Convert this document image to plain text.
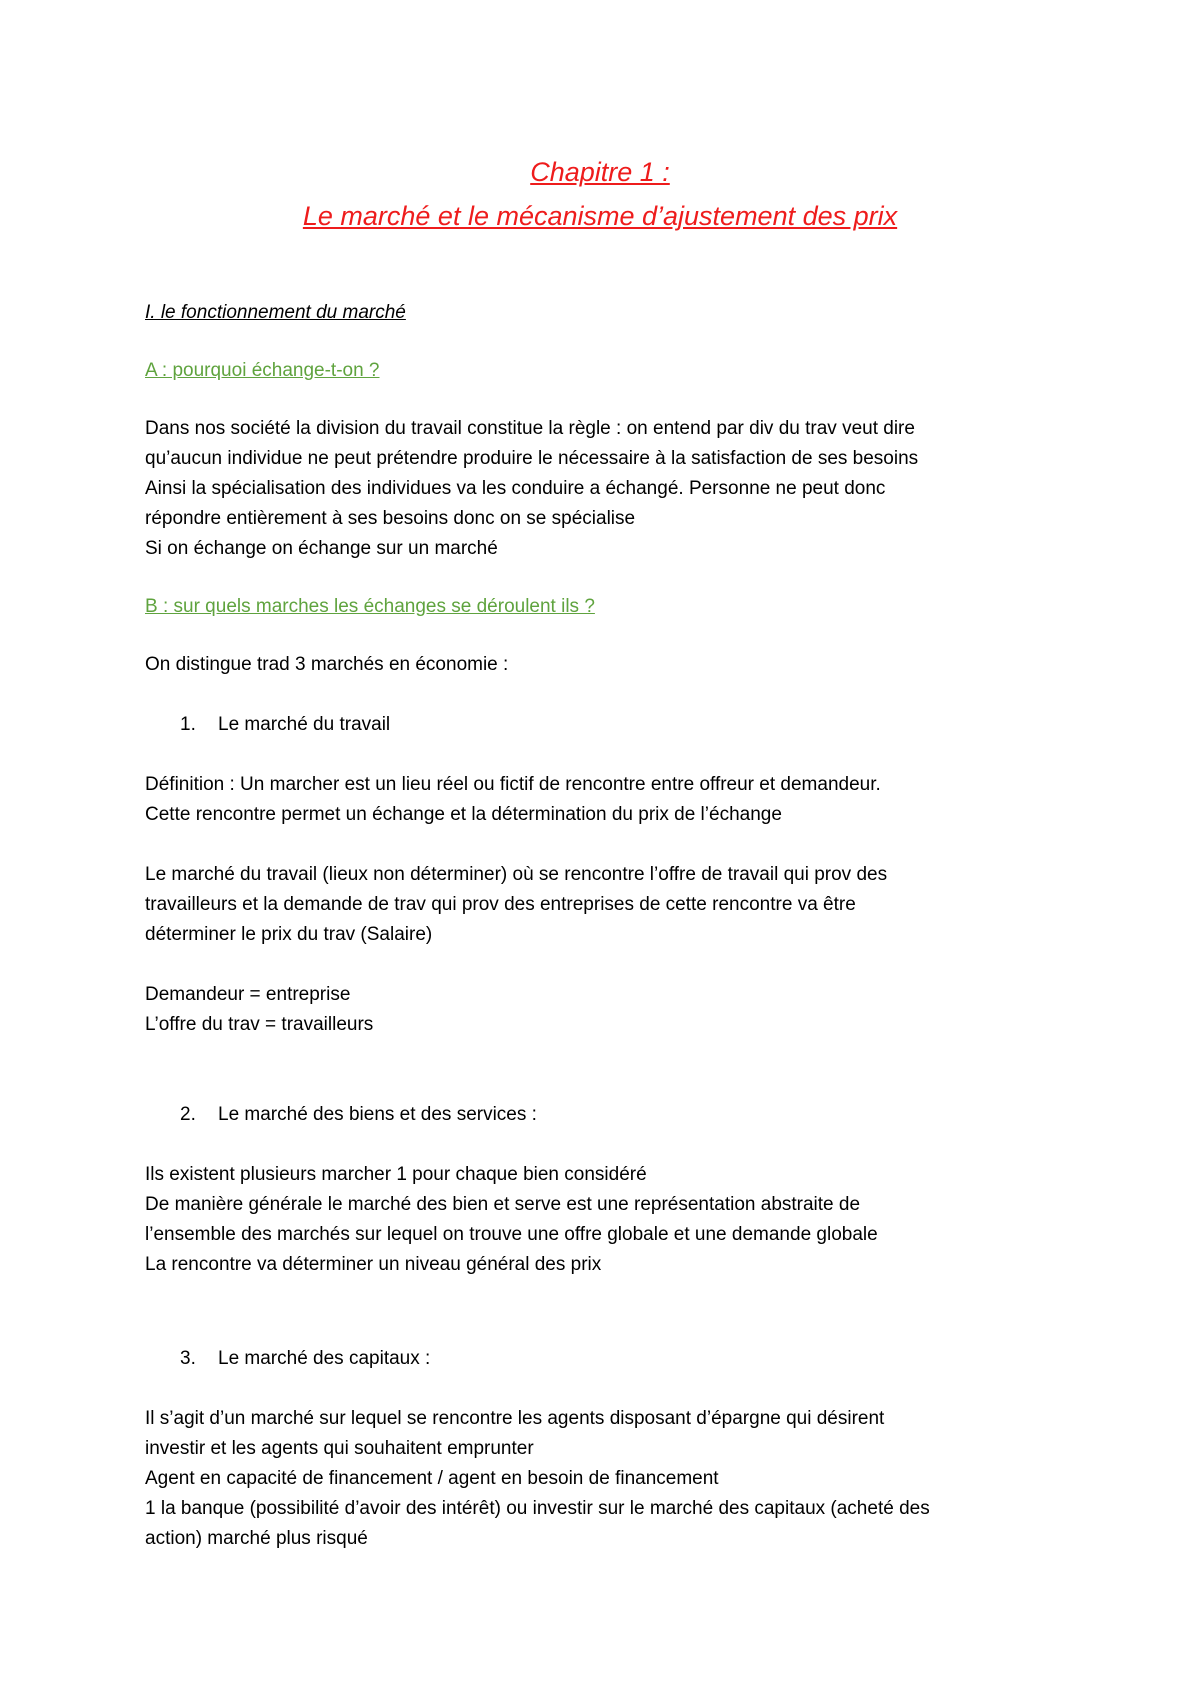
Chapitre 1 :
Le marché et le mécanisme d’ajustement des prix
I. le fonctionnement du marché
A : pourquoi échange-t-on ?

Dans nos société la division du travail constitue la règle : on entend par div du trav veut dire

qu’aucun individue ne peut prétendre produire le nécessaire à la satisfaction de ses besoins

Ainsi la spécialisation des individues va les conduire a échangé. Personne ne peut donc

répondre entièrement à ses besoins donc on se spécialise

Si on échange on échange sur un marché

B : sur quels marches les échanges se déroulent ils ?

On distingue trad 3 marchés en économie :

1.	Le marché du travail

Définition : Un marcher est un lieu réel ou fictif de rencontre entre offreur et demandeur.

Cette rencontre permet un échange et la détermination du prix de l’échange

Le marché du travail (lieux non déterminer) où se rencontre l’offre de travail qui prov des

travailleurs et la demande de trav qui prov des entreprises de cette rencontre va être

déterminer le prix du trav (Salaire)

Demandeur = entreprise

L’offre du trav = travailleurs

2.	Le marché des biens et des services :

Ils existent plusieurs marcher 1 pour chaque bien considéré

De manière générale le marché des bien et serve est une représentation abstraite de

l’ensemble des marchés sur lequel on trouve une offre globale et une demande globale

La rencontre va déterminer un niveau général des prix

3.	Le marché des capitaux :

Il s’agit d’un marché sur lequel se rencontre les agents disposant d’épargne qui désirent

investir et les agents qui souhaitent emprunter

Agent en capacité de financement / agent en besoin de financement

1 la banque (possibilité d’avoir des intérêt) ou investir sur le marché des capitaux (acheté des

action) marché plus risqué
